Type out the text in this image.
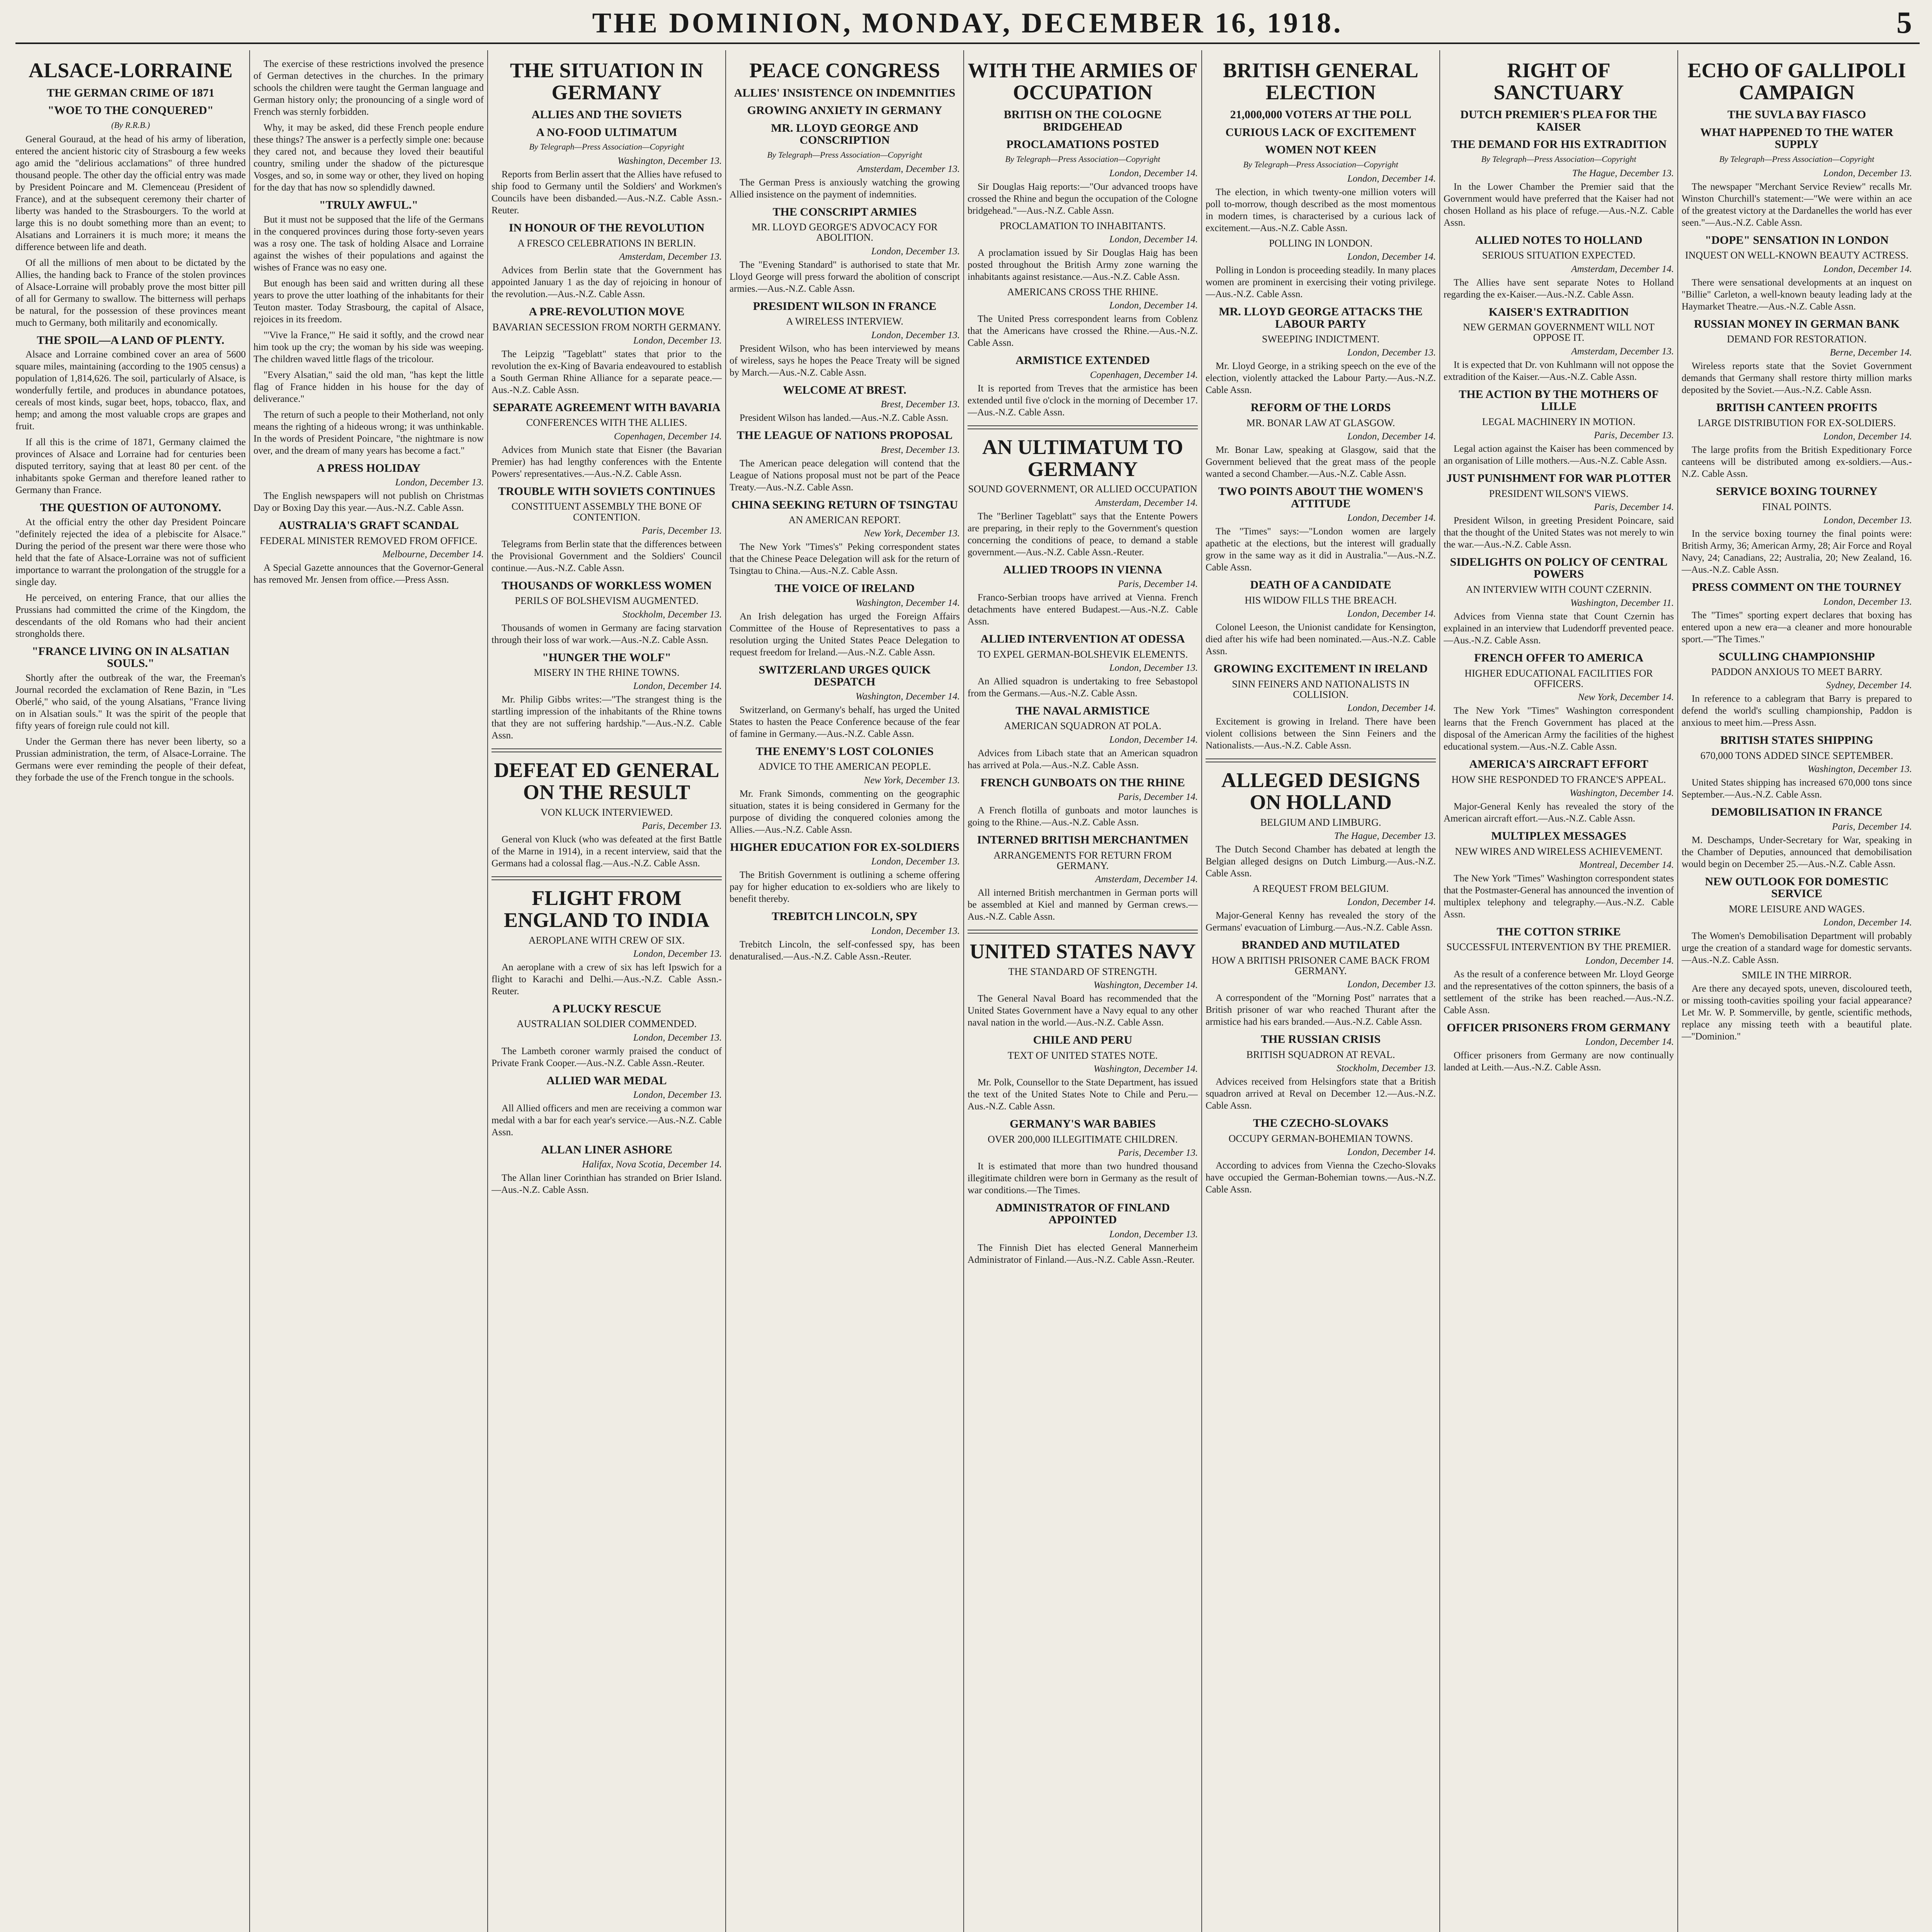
THE DOMINION, MONDAY, DECEMBER 16, 1918.	5
ALSACE-LORRAINE
THE GERMAN CRIME OF 1871
"WOE TO THE CONQUERED"
(By R.R.B.)

General Gouraud, at the head of his army of liberation, entered the ancient historic city of Strasbourg a few weeks ago amid the "delirious acclamations" of three hundred thousand people. The other day the official entry was made by President Poincare and M. Clemenceau (President of France), and at the subsequent ceremony their charter of liberty was handed to the Strasbourgers. To the world at large this is no doubt something more than an event; to Alsatians and Lorrainers it is much more; it means the difference between life and death.

Of all the millions of men about to be dictated by the Allies, the handing back to France of the stolen provinces of Alsace-Lorraine will probably prove the most bitter pill of all for Germany to swallow. The bitterness will perhaps be natural, for the possession of these provinces meant much to Germany, both militarily and economically.

THE SPOIL—A LAND OF PLENTY.

Alsace and Lorraine combined cover an area of 5600 square miles, maintaining (according to the 1905 census) a population of 1,814,626. The soil, particularly of Alsace, is wonderfully fertile, and produces in abundance potatoes, cereals of most kinds, sugar beet, hops, tobacco, flax, and hemp; and among the most valuable crops are grapes and fruit.

If all this is the crime of 1871, Germany claimed the provinces of Alsace and Lorraine had for centuries been disputed territory, saying that at least 80 per cent. of the inhabitants spoke German and therefore leaned rather to Germany than France.

THE QUESTION OF AUTONOMY.

At the official entry the other day President Poincare "definitely rejected the idea of a plebiscite for Alsace." During the period of the present war there were those who held that the fate of Alsace-Lorraine was not of sufficient importance to warrant the prolongation of the struggle for a single day.

He perceived, on entering France, that our allies the Prussians had committed the crime of the Kingdom, the descendants of the old Romans who had their ancient strongholds there.

"FRANCE LIVING ON IN ALSATIAN SOULS."

Shortly after the outbreak of the war, the Freeman's Journal recorded the exclamation of Rene Bazin, in "Les Oberlé," who said, of the young Alsatians, "France living on in Alsatian souls." It was the spirit of the people that fifty years of foreign rule could not kill.

Under the German there has never been liberty, so a Prussian administration, the term, of Alsace-Lorraine. The Germans were ever reminding the people of their defeat, they forbade the use of the French tongue in the schools.

The exercise of these restrictions involved the presence of German detectives in the churches. In the primary schools the children were taught the German language and German history only; the pronouncing of a single word of French was sternly forbidden.

Why, it may be asked, did these French people endure these things? The answer is a perfectly simple one: because they cared not, and because they loved their beautiful country, smiling under the shadow of the picturesque Vosges, and so, in some way or other, they lived on hoping for the day that has now so splendidly dawned.

"TRULY AWFUL."

But it must not be supposed that the life of the Germans in the conquered provinces during those forty-seven years was a rosy one. The task of holding Alsace and Lorraine against the wishes of their populations and against the wishes of France was no easy one.

But enough has been said and written during all these years to prove the utter loathing of the inhabitants for their Teuton master. Today Strasbourg, the capital of Alsace, rejoices in its freedom.

"'Vive la France,'" He said it softly, and the crowd near him took up the cry; the woman by his side was weeping. The children waved little flags of the tricolour.

"Every Alsatian," said the old man, "has kept the little flag of France hidden in his house for the day of deliverance."

The return of such a people to their Motherland, not only means the righting of a hideous wrong; it was unthinkable. In the words of President Poincare, "the nightmare is now over, and the dream of many years has become a fact."

A PRESS HOLIDAY
London, December 13.

The English newspapers will not publish on Christmas Day or Boxing Day this year.—Aus.-N.Z. Cable Assn.

AUSTRALIA'S GRAFT SCANDAL
FEDERAL MINISTER REMOVED FROM OFFICE.
Melbourne, December 14.

A Special Gazette announces that the Governor-General has removed Mr. Jensen from office.—Press Assn.

THE SITUATION IN GERMANY
ALLIES AND THE SOVIETS
A NO-FOOD ULTIMATUM
By Telegraph—Press Association—Copyright
Washington, December 13.

Reports from Berlin assert that the Allies have refused to ship food to Germany until the Soldiers' and Workmen's Councils have been disbanded.—Aus.-N.Z. Cable Assn.-Reuter.

IN HONOUR OF THE REVOLUTION
A FRESCO CELEBRATIONS IN BERLIN.
Amsterdam, December 13.

Advices from Berlin state that the Government has appointed January 1 as the day of rejoicing in honour of the revolution.—Aus.-N.Z. Cable Assn.

A PRE-REVOLUTION MOVE
BAVARIAN SECESSION FROM NORTH GERMANY.
London, December 13.

The Leipzig "Tageblatt" states that prior to the revolution the ex-King of Bavaria endeavoured to establish a South German Rhine Alliance for a separate peace.—Aus.-N.Z. Cable Assn.

SEPARATE AGREEMENT WITH BAVARIA
CONFERENCES WITH THE ALLIES.
Copenhagen, December 14.

Advices from Munich state that Eisner (the Bavarian Premier) has had lengthy conferences with the Entente Powers' representatives.—Aus.-N.Z. Cable Assn.

TROUBLE WITH SOVIETS CONTINUES
CONSTITUENT ASSEMBLY THE BONE OF CONTENTION.
Paris, December 13.

Telegrams from Berlin state that the differences between the Provisional Government and the Soldiers' Council continue.—Aus.-N.Z. Cable Assn.

THOUSANDS OF WORKLESS WOMEN
PERILS OF BOLSHEVISM AUGMENTED.
Stockholm, December 13.

Thousands of women in Germany are facing starvation through their loss of war work.—Aus.-N.Z. Cable Assn.

"HUNGER THE WOLF"
MISERY IN THE RHINE TOWNS.
London, December 14.

Mr. Philip Gibbs writes:—"The strangest thing is the startling impression of the inhabitants of the Rhine towns that they are not suffering hardship."—Aus.-N.Z. Cable Assn.

DEFEAT ED GENERAL ON THE RESULT
VON KLUCK INTERVIEWED.
Paris, December 13.

General von Kluck (who was defeated at the first Battle of the Marne in 1914), in a recent interview, said that the Germans had a colossal flag.—Aus.-N.Z. Cable Assn.

FLIGHT FROM ENGLAND TO INDIA
AEROPLANE WITH CREW OF SIX.
London, December 13.

An aeroplane with a crew of six has left Ipswich for a flight to Karachi and Delhi.—Aus.-N.Z. Cable Assn.-Reuter.

A PLUCKY RESCUE
AUSTRALIAN SOLDIER COMMENDED.
London, December 13.

The Lambeth coroner warmly praised the conduct of Private Frank Cooper.—Aus.-N.Z. Cable Assn.-Reuter.

ALLIED WAR MEDAL
London, December 13.

All Allied officers and men are receiving a common war medal with a bar for each year's service.—Aus.-N.Z. Cable Assn.

ALLAN LINER ASHORE
Halifax, Nova Scotia, December 14.

The Allan liner Corinthian has stranded on Brier Island.—Aus.-N.Z. Cable Assn.

PEACE CONGRESS
ALLIES' INSISTENCE ON INDEMNITIES
GROWING ANXIETY IN GERMANY
MR. LLOYD GEORGE AND CONSCRIPTION
By Telegraph—Press Association—Copyright
Amsterdam, December 13.

The German Press is anxiously watching the growing Allied insistence on the payment of indemnities.

THE CONSCRIPT ARMIES
MR. LLOYD GEORGE'S ADVOCACY FOR ABOLITION.
London, December 13.

The "Evening Standard" is authorised to state that Mr. Lloyd George will press forward the abolition of conscript armies.—Aus.-N.Z. Cable Assn.

PRESIDENT WILSON IN FRANCE
A WIRELESS INTERVIEW.
London, December 13.

President Wilson, who has been interviewed by means of wireless, says he hopes the Peace Treaty will be signed by March.—Aus.-N.Z. Cable Assn.

WELCOME AT BREST.
Brest, December 13.

President Wilson has landed.—Aus.-N.Z. Cable Assn.

THE LEAGUE OF NATIONS PROPOSAL
Brest, December 13.

The American peace delegation will contend that the League of Nations proposal must not be part of the Peace Treaty.—Aus.-N.Z. Cable Assn.

CHINA SEEKING RETURN OF TSINGTAU
AN AMERICAN REPORT.
New York, December 13.

The New York "Times's" Peking correspondent states that the Chinese Peace Delegation will ask for the return of Tsingtau to China.—Aus.-N.Z. Cable Assn.

THE VOICE OF IRELAND
Washington, December 14.

An Irish delegation has urged the Foreign Affairs Committee of the House of Representatives to pass a resolution urging the United States Peace Delegation to request freedom for Ireland.—Aus.-N.Z. Cable Assn.

SWITZERLAND URGES QUICK DESPATCH
Washington, December 14.

Switzerland, on Germany's behalf, has urged the United States to hasten the Peace Conference because of the fear of famine in Germany.—Aus.-N.Z. Cable Assn.

THE ENEMY'S LOST COLONIES
ADVICE TO THE AMERICAN PEOPLE.
New York, December 13.

Mr. Frank Simonds, commenting on the geographic situation, states it is being considered in Germany for the purpose of dividing the conquered colonies among the Allies.—Aus.-N.Z. Cable Assn.

HIGHER EDUCATION FOR EX-SOLDIERS
London, December 13.

The British Government is outlining a scheme offering pay for higher education to ex-soldiers who are likely to benefit thereby.

TREBITCH LINCOLN, SPY
London, December 13.

Trebitch Lincoln, the self-confessed spy, has been denaturalised.—Aus.-N.Z. Cable Assn.-Reuter.

WITH THE ARMIES OF OCCUPATION
BRITISH ON THE COLOGNE BRIDGEHEAD
PROCLAMATIONS POSTED
By Telegraph—Press Association—Copyright
London, December 14.

Sir Douglas Haig reports:—"Our advanced troops have crossed the Rhine and begun the occupation of the Cologne bridgehead."—Aus.-N.Z. Cable Assn.

PROCLAMATION TO INHABITANTS.
London, December 14.

A proclamation issued by Sir Douglas Haig has been posted throughout the British Army zone warning the inhabitants against resistance.—Aus.-N.Z. Cable Assn.

AMERICANS CROSS THE RHINE.
London, December 14.

The United Press correspondent learns from Coblenz that the Americans have crossed the Rhine.—Aus.-N.Z. Cable Assn.

ARMISTICE EXTENDED
Copenhagen, December 14.

It is reported from Treves that the armistice has been extended until five o'clock in the morning of December 17.—Aus.-N.Z. Cable Assn.

AN ULTIMATUM TO GERMANY
SOUND GOVERNMENT, OR ALLIED OCCUPATION
Amsterdam, December 14.

The "Berliner Tageblatt" says that the Entente Powers are preparing, in their reply to the Government's question concerning the conditions of peace, to demand a stable government.—Aus.-N.Z. Cable Assn.-Reuter.

ALLIED TROOPS IN VIENNA
Paris, December 14.

Franco-Serbian troops have arrived at Vienna. French detachments have entered Budapest.—Aus.-N.Z. Cable Assn.

ALLIED INTERVENTION AT ODESSA
TO EXPEL GERMAN-BOLSHEVIK ELEMENTS.
London, December 13.

An Allied squadron is undertaking to free Sebastopol from the Germans.—Aus.-N.Z. Cable Assn.

THE NAVAL ARMISTICE
AMERICAN SQUADRON AT POLA.
London, December 14.

Advices from Libach state that an American squadron has arrived at Pola.—Aus.-N.Z. Cable Assn.

FRENCH GUNBOATS ON THE RHINE
Paris, December 14.

A French flotilla of gunboats and motor launches is going to the Rhine.—Aus.-N.Z. Cable Assn.

INTERNED BRITISH MERCHANTMEN
ARRANGEMENTS FOR RETURN FROM GERMANY.
Amsterdam, December 14.

All interned British merchantmen in German ports will be assembled at Kiel and manned by German crews.—Aus.-N.Z. Cable Assn.

UNITED STATES NAVY
THE STANDARD OF STRENGTH.
Washington, December 14.

The General Naval Board has recommended that the United States Government have a Navy equal to any other naval nation in the world.—Aus.-N.Z. Cable Assn.

CHILE AND PERU
TEXT OF UNITED STATES NOTE.
Washington, December 14.

Mr. Polk, Counsellor to the State Department, has issued the text of the United States Note to Chile and Peru.—Aus.-N.Z. Cable Assn.

GERMANY'S WAR BABIES
OVER 200,000 ILLEGITIMATE CHILDREN.
Paris, December 13.

It is estimated that more than two hundred thousand illegitimate children were born in Germany as the result of war conditions.—The Times.

ADMINISTRATOR OF FINLAND APPOINTED
London, December 13.

The Finnish Diet has elected General Mannerheim Administrator of Finland.—Aus.-N.Z. Cable Assn.-Reuter.

BRITISH GENERAL ELECTION
21,000,000 VOTERS AT THE POLL
CURIOUS LACK OF EXCITEMENT
WOMEN NOT KEEN
By Telegraph—Press Association—Copyright
London, December 14.

The election, in which twenty-one million voters will poll to-morrow, though described as the most momentous in modern times, is characterised by a curious lack of excitement.—Aus.-N.Z. Cable Assn.

POLLING IN LONDON.
London, December 14.

Polling in London is proceeding steadily. In many places women are prominent in exercising their voting privilege.—Aus.-N.Z. Cable Assn.

MR. LLOYD GEORGE ATTACKS THE LABOUR PARTY
SWEEPING INDICTMENT.
London, December 13.

Mr. Lloyd George, in a striking speech on the eve of the election, violently attacked the Labour Party.—Aus.-N.Z. Cable Assn.

REFORM OF THE LORDS
MR. BONAR LAW AT GLASGOW.
London, December 14.

Mr. Bonar Law, speaking at Glasgow, said that the Government believed that the great mass of the people wanted a second Chamber.—Aus.-N.Z. Cable Assn.

TWO POINTS ABOUT THE WOMEN'S ATTITUDE
London, December 14.

The "Times" says:—"London women are largely apathetic at the elections, but the interest will gradually grow in the same way as it did in Australia."—Aus.-N.Z. Cable Assn.

DEATH OF A CANDIDATE
HIS WIDOW FILLS THE BREACH.
London, December 14.

Colonel Leeson, the Unionist candidate for Kensington, died after his wife had been nominated.—Aus.-N.Z. Cable Assn.

GROWING EXCITEMENT IN IRELAND
SINN FEINERS AND NATIONALISTS IN COLLISION.
London, December 14.

Excitement is growing in Ireland. There have been violent collisions between the Sinn Feiners and the Nationalists.—Aus.-N.Z. Cable Assn.

ALLEGED DESIGNS ON HOLLAND
BELGIUM AND LIMBURG.
The Hague, December 13.

The Dutch Second Chamber has debated at length the Belgian alleged designs on Dutch Limburg.—Aus.-N.Z. Cable Assn.

A REQUEST FROM BELGIUM.
London, December 14.

Major-General Kenny has revealed the story of the Germans' evacuation of Limburg.—Aus.-N.Z. Cable Assn.

BRANDED AND MUTILATED
HOW A BRITISH PRISONER CAME BACK FROM GERMANY.
London, December 13.

A correspondent of the "Morning Post" narrates that a British prisoner of war who reached Thurant after the armistice had his ears branded.—Aus.-N.Z. Cable Assn.

THE RUSSIAN CRISIS
BRITISH SQUADRON AT REVAL.
Stockholm, December 13.

Advices received from Helsingfors state that a British squadron arrived at Reval on December 12.—Aus.-N.Z. Cable Assn.

THE CZECHO-SLOVAKS
OCCUPY GERMAN-BOHEMIAN TOWNS.
London, December 14.

According to advices from Vienna the Czecho-Slovaks have occupied the German-Bohemian towns.—Aus.-N.Z. Cable Assn.

RIGHT OF SANCTUARY
DUTCH PREMIER'S PLEA FOR THE KAISER
THE DEMAND FOR HIS EXTRADITION
By Telegraph—Press Association—Copyright
The Hague, December 13.

In the Lower Chamber the Premier said that the Government would have preferred that the Kaiser had not chosen Holland as his place of refuge.—Aus.-N.Z. Cable Assn.

ALLIED NOTES TO HOLLAND
SERIOUS SITUATION EXPECTED.
Amsterdam, December 14.

The Allies have sent separate Notes to Holland regarding the ex-Kaiser.—Aus.-N.Z. Cable Assn.

KAISER'S EXTRADITION
NEW GERMAN GOVERNMENT WILL NOT OPPOSE IT.
Amsterdam, December 13.

It is expected that Dr. von Kuhlmann will not oppose the extradition of the Kaiser.—Aus.-N.Z. Cable Assn.

THE ACTION BY THE MOTHERS OF LILLE
LEGAL MACHINERY IN MOTION.
Paris, December 13.

Legal action against the Kaiser has been commenced by an organisation of Lille mothers.—Aus.-N.Z. Cable Assn.

JUST PUNISHMENT FOR WAR PLOTTER
PRESIDENT WILSON'S VIEWS.
Paris, December 14.

President Wilson, in greeting President Poincare, said that the thought of the United States was not merely to win the war.—Aus.-N.Z. Cable Assn.

SIDELIGHTS ON POLICY OF CENTRAL POWERS
AN INTERVIEW WITH COUNT CZERNIN.
Washington, December 11.

Advices from Vienna state that Count Czernin has explained in an interview that Ludendorff prevented peace.—Aus.-N.Z. Cable Assn.

FRENCH OFFER TO AMERICA
HIGHER EDUCATIONAL FACILITIES FOR OFFICERS.
New York, December 14.

The New York "Times" Washington correspondent learns that the French Government has placed at the disposal of the American Army the facilities of the highest educational system.—Aus.-N.Z. Cable Assn.

AMERICA'S AIRCRAFT EFFORT
HOW SHE RESPONDED TO FRANCE'S APPEAL.
Washington, December 14.

Major-General Kenly has revealed the story of the American aircraft effort.—Aus.-N.Z. Cable Assn.

MULTIPLEX MESSAGES
NEW WIRES AND WIRELESS ACHIEVEMENT.
Montreal, December 14.

The New York "Times" Washington correspondent states that the Postmaster-General has announced the invention of multiplex telephony and telegraphy.—Aus.-N.Z. Cable Assn.

THE COTTON STRIKE
SUCCESSFUL INTERVENTION BY THE PREMIER.
London, December 14.

As the result of a conference between Mr. Lloyd George and the representatives of the cotton spinners, the basis of a settlement of the strike has been reached.—Aus.-N.Z. Cable Assn.

OFFICER PRISONERS FROM GERMANY
London, December 14.

Officer prisoners from Germany are now continually landed at Leith.—Aus.-N.Z. Cable Assn.

ECHO OF GALLIPOLI CAMPAIGN
THE SUVLA BAY FIASCO
WHAT HAPPENED TO THE WATER SUPPLY
By Telegraph—Press Association—Copyright
London, December 13.

The newspaper "Merchant Service Review" recalls Mr. Winston Churchill's statement:—"We were within an ace of the greatest victory at the Dardanelles the world has ever seen."—Aus.-N.Z. Cable Assn.

"DOPE" SENSATION IN LONDON
INQUEST ON WELL-KNOWN BEAUTY ACTRESS.
London, December 14.

There were sensational developments at an inquest on "Billie" Carleton, a well-known beauty leading lady at the Haymarket Theatre.—Aus.-N.Z. Cable Assn.

RUSSIAN MONEY IN GERMAN BANK
DEMAND FOR RESTORATION.
Berne, December 14.

Wireless reports state that the Soviet Government demands that Germany shall restore thirty million marks deposited by the Soviet.—Aus.-N.Z. Cable Assn.

BRITISH CANTEEN PROFITS
LARGE DISTRIBUTION FOR EX-SOLDIERS.
London, December 14.

The large profits from the British Expeditionary Force canteens will be distributed among ex-soldiers.—Aus.-N.Z. Cable Assn.

SERVICE BOXING TOURNEY
FINAL POINTS.
London, December 13.

In the service boxing tourney the final points were: British Army, 36; American Army, 28; Air Force and Royal Navy, 24; Canadians, 22; Australia, 20; New Zealand, 16.—Aus.-N.Z. Cable Assn.

PRESS COMMENT ON THE TOURNEY
London, December 13.

The "Times" sporting expert declares that boxing has entered upon a new era—a cleaner and more honourable sport.—"The Times."

SCULLING CHAMPIONSHIP
PADDON ANXIOUS TO MEET BARRY.
Sydney, December 14.

In reference to a cablegram that Barry is prepared to defend the world's sculling championship, Paddon is anxious to meet him.—Press Assn.

BRITISH STATES SHIPPING
670,000 TONS ADDED SINCE SEPTEMBER.
Washington, December 13.

United States shipping has increased 670,000 tons since September.—Aus.-N.Z. Cable Assn.

DEMOBILISATION IN FRANCE
Paris, December 14.

M. Deschamps, Under-Secretary for War, speaking in the Chamber of Deputies, announced that demobilisation would begin on December 25.—Aus.-N.Z. Cable Assn.

NEW OUTLOOK FOR DOMESTIC SERVICE
MORE LEISURE AND WAGES.
London, December 14.

The Women's Demobilisation Department will probably urge the creation of a standard wage for domestic servants.—Aus.-N.Z. Cable Assn.

SMILE IN THE MIRROR.

Are there any decayed spots, uneven, discoloured teeth, or missing tooth-cavities spoiling your facial appearance? Let Mr. W. P. Sommerville, by gentle, scientific methods, replace any missing teeth with a beautiful plate.—"Dominion."
